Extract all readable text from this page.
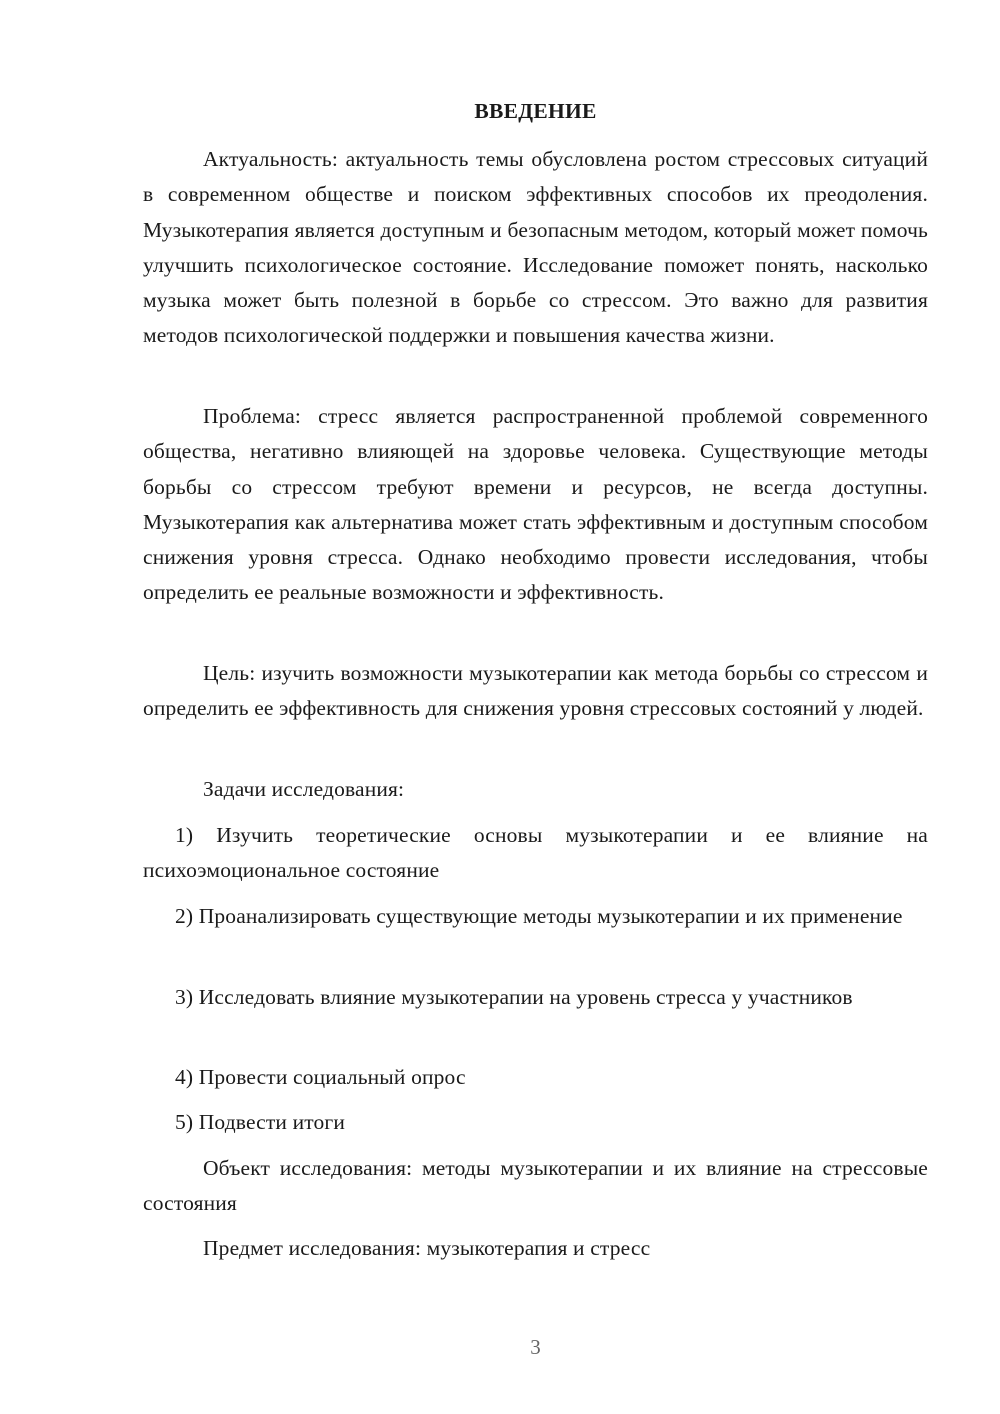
ВВЕДЕНИЕ

Актуальность: актуальность темы обусловлена ростом стрессовых ситуаций в современном обществе и поиском эффективных способов их преодоления. Музыкотерапия является доступным и безопасным методом, который может помочь улучшить психологическое состояние. Исследование поможет понять, насколько музыка может быть полезной в борьбе со стрессом. Это важно для развития методов психологической поддержки и повышения качества жизни.

Проблема: стресс является распространенной проблемой современного общества, негативно влияющей на здоровье человека. Существующие методы борьбы со стрессом требуют времени и ресурсов, не всегда доступны. Музыкотерапия как альтернатива может стать эффективным и доступным способом снижения уровня стресса. Однако необходимо провести исследования, чтобы определить ее реальные возможности и эффективность.

Цель: изучить возможности музыкотерапии как метода борьбы со стрессом и определить ее эффективность для снижения уровня стрессовых состояний у людей.

Задачи исследования:

1) Изучить теоретические основы музыкотерапии и ее влияние на психоэмоциональное состояние

2) Проанализировать существующие методы музыкотерапии и их применение

3) Исследовать влияние музыкотерапии на уровень стресса у участников

4) Провести социальный опрос

5) Подвести итоги

Объект исследования: методы музыкотерапии и их влияние на стрессовые состояния

Предмет исследования: музыкотерапия и стресс

3
